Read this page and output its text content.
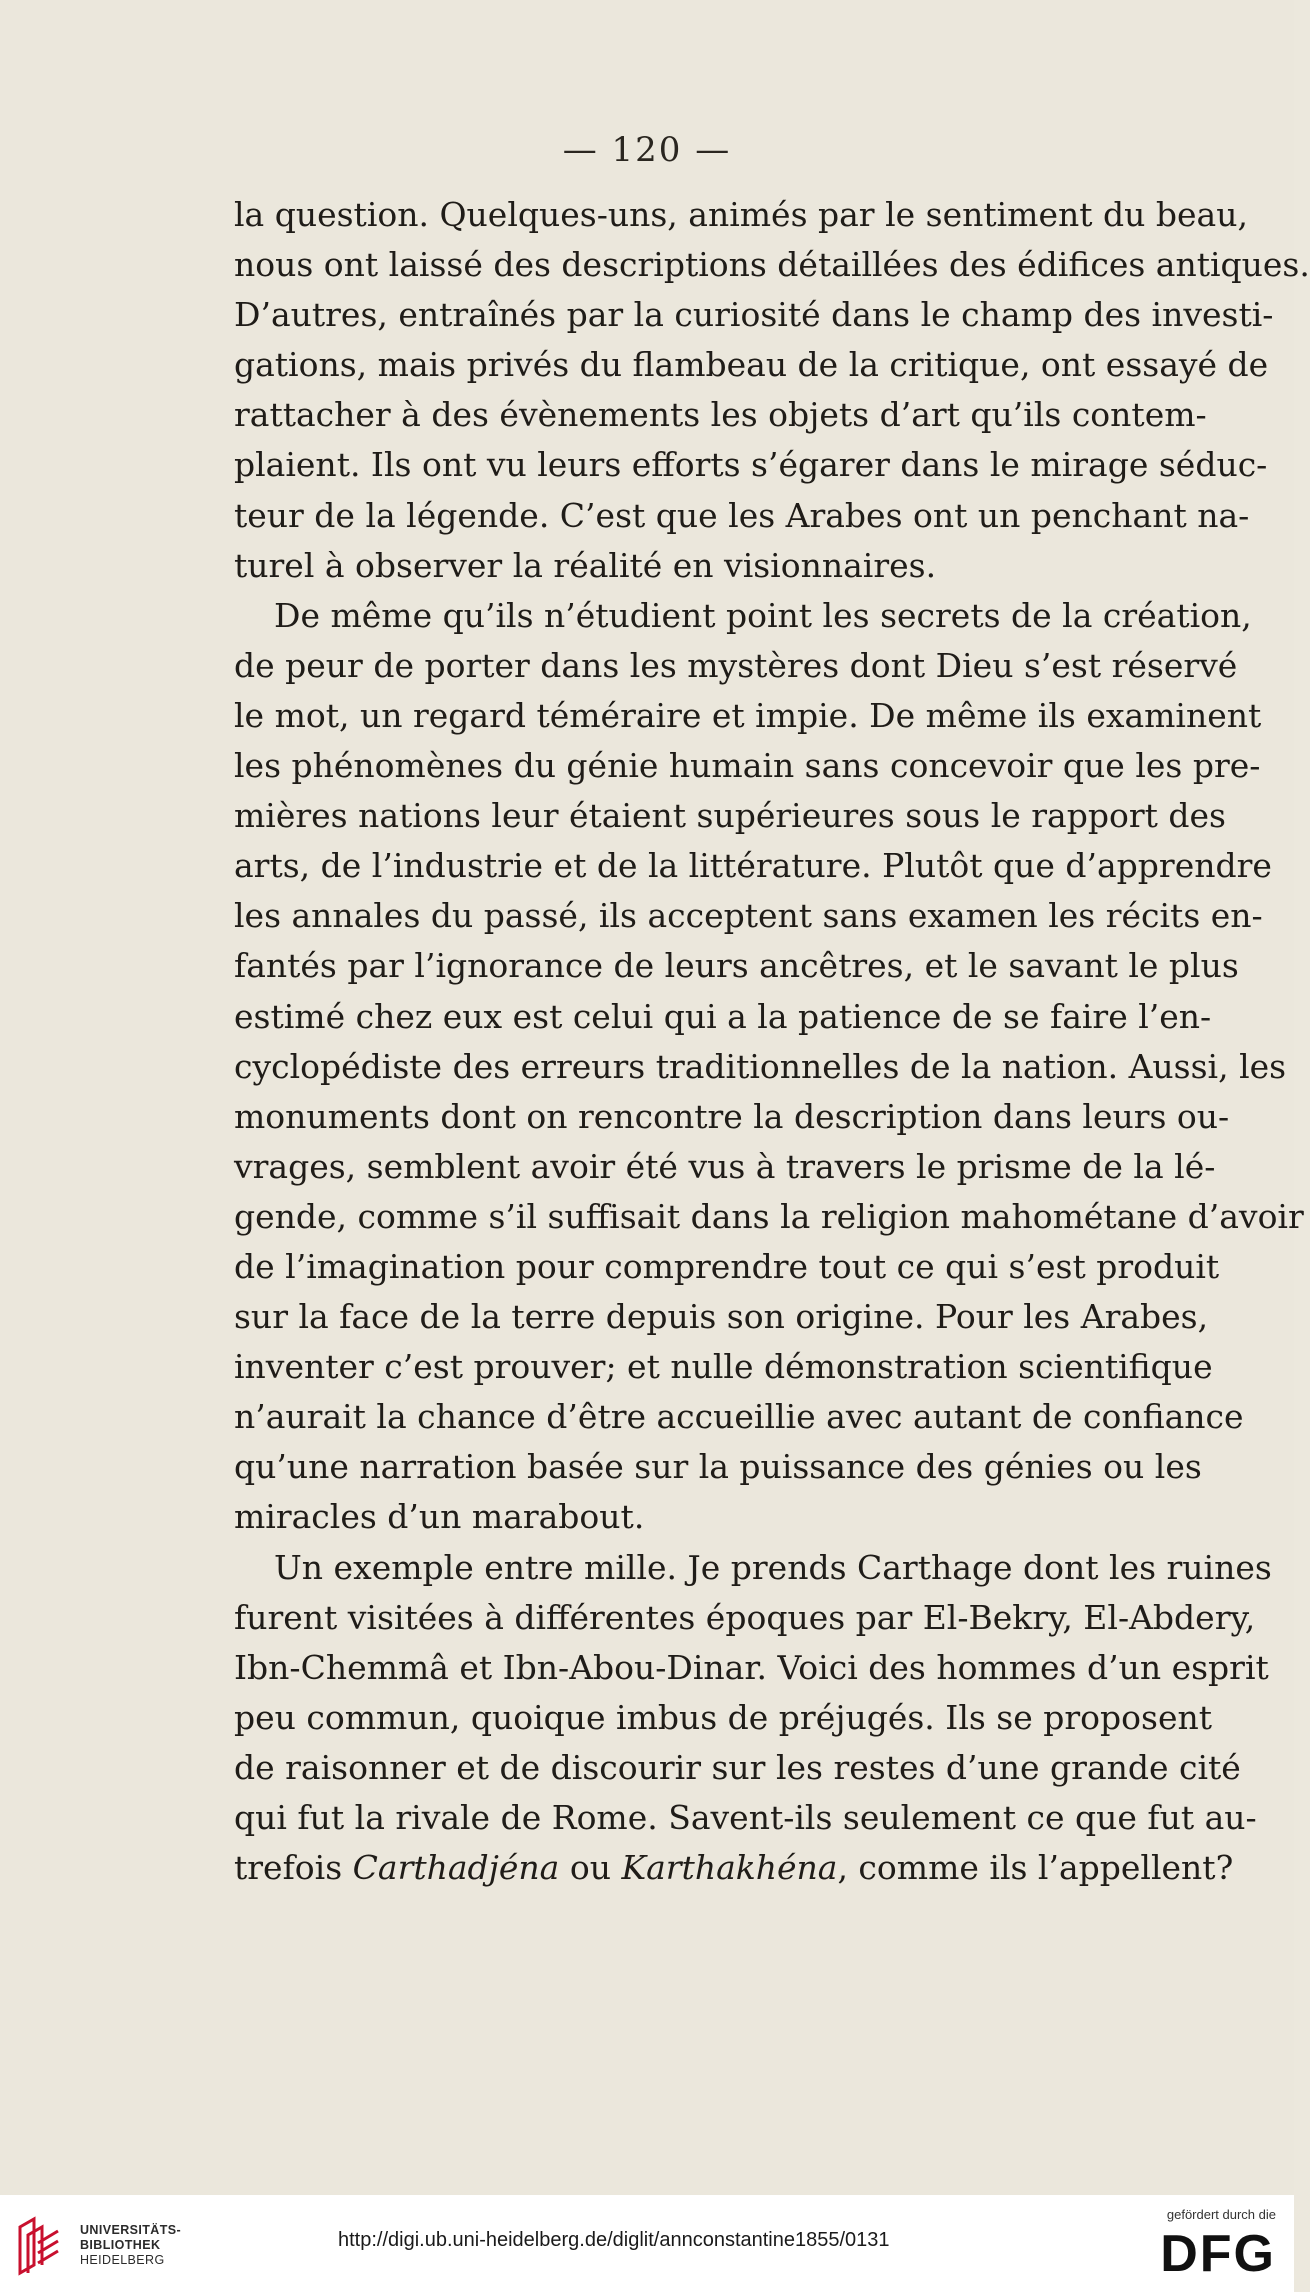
— 120 —
la question. Quelques-uns, animés par le sentiment du beau,
nous ont laissé des descriptions détaillées des édifices antiques.
D’autres, entraînés par la curiosité dans le champ des investi-
gations, mais privés du flambeau de la critique, ont essayé de
rattacher à des évènements les objets d’art qu’ils contem-
plaient. Ils ont vu leurs efforts s’égarer dans le mirage séduc-
teur de la légende. C’est que les Arabes ont un penchant na-
turel à observer la réalité en visionnaires.
De même qu’ils n’étudient point les secrets de la création,
de peur de porter dans les mystères dont Dieu s’est réservé
le mot, un regard téméraire et impie. De même ils examinent
les phénomènes du génie humain sans concevoir que les pre-
mières nations leur étaient supérieures sous le rapport des
arts, de l’industrie et de la littérature. Plutôt que d’apprendre
les annales du passé, ils acceptent sans examen les récits en-
fantés par l’ignorance de leurs ancêtres, et le savant le plus
estimé chez eux est celui qui a la patience de se faire l’en-
cyclopédiste des erreurs traditionnelles de la nation. Aussi, les
monuments dont on rencontre la description dans leurs ou-
vrages, semblent avoir été vus à travers le prisme de la lé-
gende, comme s’il suffisait dans la religion mahométane d’avoir
de l’imagination pour comprendre tout ce qui s’est produit
sur la face de la terre depuis son origine. Pour les Arabes,
inventer c’est prouver; et nulle démonstration scientifique
n’aurait la chance d’être accueillie avec autant de confiance
qu’une narration basée sur la puissance des génies ou les
miracles d’un marabout.
Un exemple entre mille. Je prends Carthage dont les ruines
furent visitées à différentes époques par El-Bekry, El-Abdery,
Ibn-Chemmâ et Ibn-Abou-Dinar. Voici des hommes d’un esprit
peu commun, quoique imbus de préjugés. Ils se proposent
de raisonner et de discourir sur les restes d’une grande cité
qui fut la rivale de Rome. Savent-ils seulement ce que fut au-
trefois Carthadjéna ou Karthakhéna, comme ils l’appellent?
UNIVERSITÄTS-
BIBLIOTHEK
HEIDELBERG
http://digi.ub.uni-heidelberg.de/diglit/annconstantine1855/0131
gefördert durch die
DFG
